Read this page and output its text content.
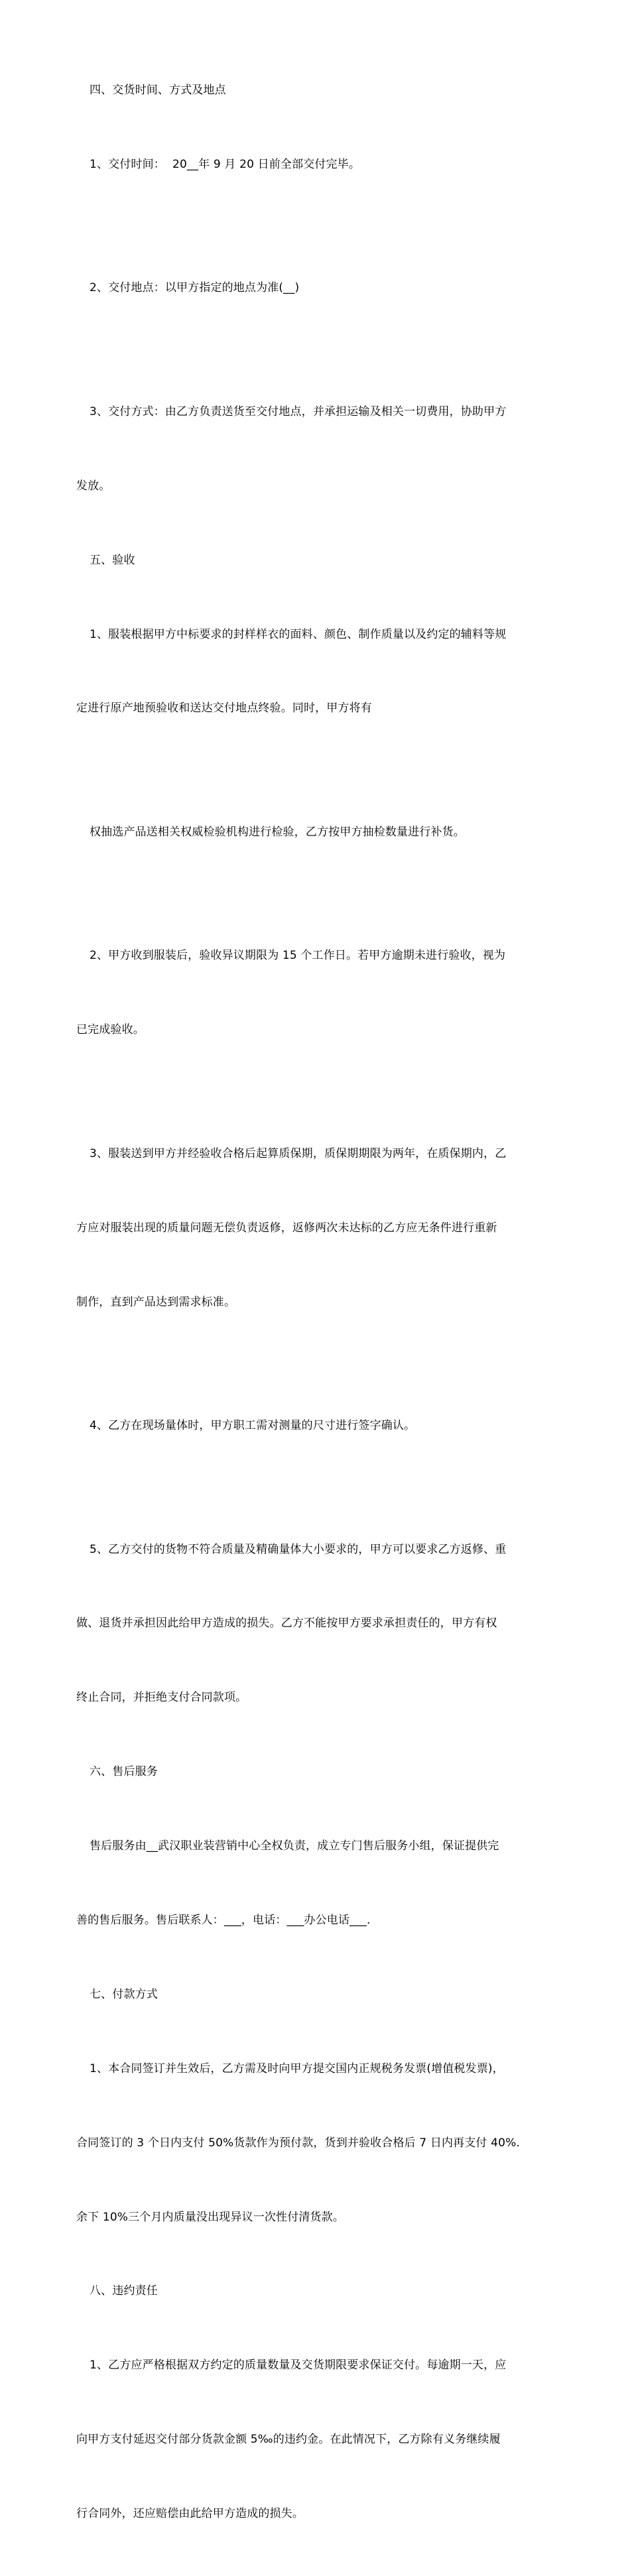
四、交货时间、方式及地点

1、交付时间：  20__年 9 月 20 日前全部交付完毕。

2、交付地点：以甲方指定的地点为准(__)

3、交付方式：由乙方负责送货至交付地点，并承担运输及相关一切费用，协助甲方

发放。

五、验收

1、服装根据甲方中标要求的封样样衣的面料、颜色、制作质量以及约定的辅料等规

定进行原产地预验收和送达交付地点终验。同时，甲方将有

权抽选产品送相关权威检验机构进行检验，乙方按甲方抽检数量进行补货。

2、甲方收到服装后，验收异议期限为 15 个工作日。若甲方逾期未进行验收，视为

已完成验收。

3、服装送到甲方并经验收合格后起算质保期，质保期期限为两年，在质保期内，乙

方应对服装出现的质量问题无偿负责返修，返修两次未达标的乙方应无条件进行重新

制作，直到产品达到需求标准。

4、乙方在现场量体时，甲方职工需对测量的尺寸进行签字确认。

5、乙方交付的货物不符合质量及精确量体大小要求的，甲方可以要求乙方返修、重

做、退货并承担因此给甲方造成的损失。乙方不能按甲方要求承担责任的，甲方有权

终止合同，并拒绝支付合同款项。

六、售后服务

售后服务由__武汉职业装营销中心全权负责，成立专门售后服务小组，保证提供完

善的售后服务。售后联系人：___，电话：___办公电话___.

七、付款方式

1、本合同签订并生效后，乙方需及时向甲方提交国内正规税务发票(增值税发票)，

合同签订的 3 个日内支付 50%货款作为预付款，货到并验收合格后 7 日内再支付 40%.

余下 10%三个月内质量没出现异议一次性付清货款。

八、违约责任

1、乙方应严格根据双方约定的质量数量及交货期限要求保证交付。每逾期一天，应

向甲方支付延迟交付部分货款金额 5‰的违约金。在此情况下，乙方除有义务继续履

行合同外，还应赔偿由此给甲方造成的损失。
